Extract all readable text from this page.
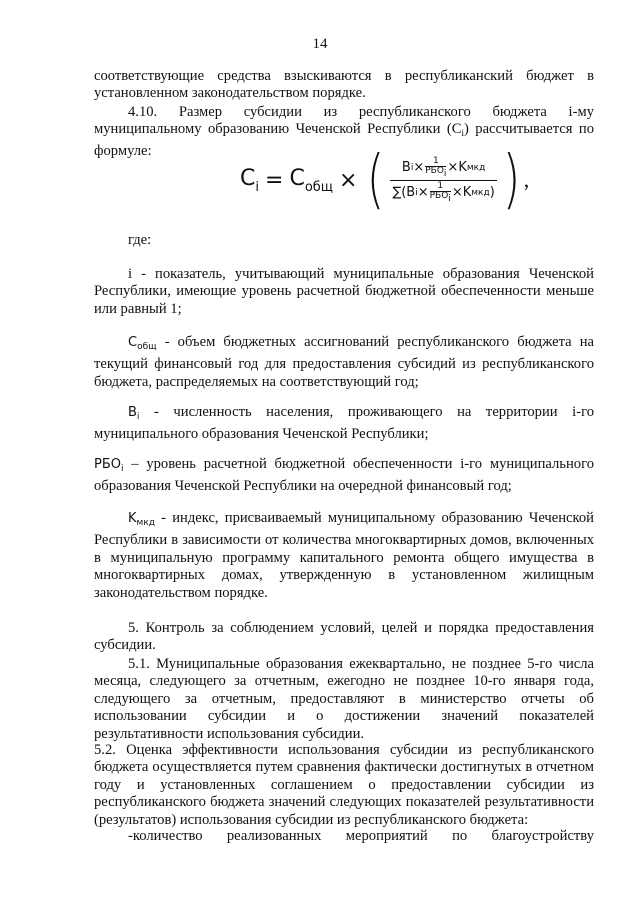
14
соответствующие средства взыскиваются в республиканский бюджет в установленном законодательством порядке.
4.10. Размер субсидии из республиканского бюджета i-му муниципальному образованию Чеченской Республики $(C_i)$ рассчитывается по формуле:
$C_i = C_{общ}$ × ( B i × 1
РБОi × K мкд
∑(B i × 1
РБОi × K мкд ) ) ,
где:
i - показатель, учитывающий муниципальные образования Чеченской Республики, имеющие уровень расчетной бюджетной обеспеченности меньше или равный 1;
$C_{общ}$ - объем бюджетных ассигнований республиканского бюджета на текущий финансовый год для предоставления субсидий из республиканского бюджета, распределяемых на соответствующий год;
$B_i$ - численность населения, проживающего на территории i-го муниципального образования Чеченской Республики;
$РБО_i$ – уровень расчетной бюджетной обеспеченности i-го муниципального образования Чеченской Республики на очередной финансовый год;
$K_{мкд}$ - индекс, присваиваемый муниципальному образованию Чеченской Республики в зависимости от количества многоквартирных домов, включенных в муниципальную программу капитального ремонта общего имущества в многоквартирных домах, утвержденную в установленном жилищным законодательством порядке.
5. Контроль за соблюдением условий, целей и порядка предоставления субсидии.
5.1. Муниципальные образования ежеквартально, не позднее 5-го числа месяца, следующего за отчетным, ежегодно не позднее 10-го января года, следующего за отчетным, предоставляют в министерство отчеты об использовании субсидии и о достижении значений показателей результативности использования субсидии.
5.2. Оценка эффективности использования субсидии из республиканского бюджета осуществляется путем сравнения фактически достигнутых в отчетном году и установленных соглашением о предоставлении субсидии из республиканского бюджета значений следующих показателей результативности (результатов) использования субсидии из республиканского бюджета:
-количество реализованных мероприятий по благоустройству
